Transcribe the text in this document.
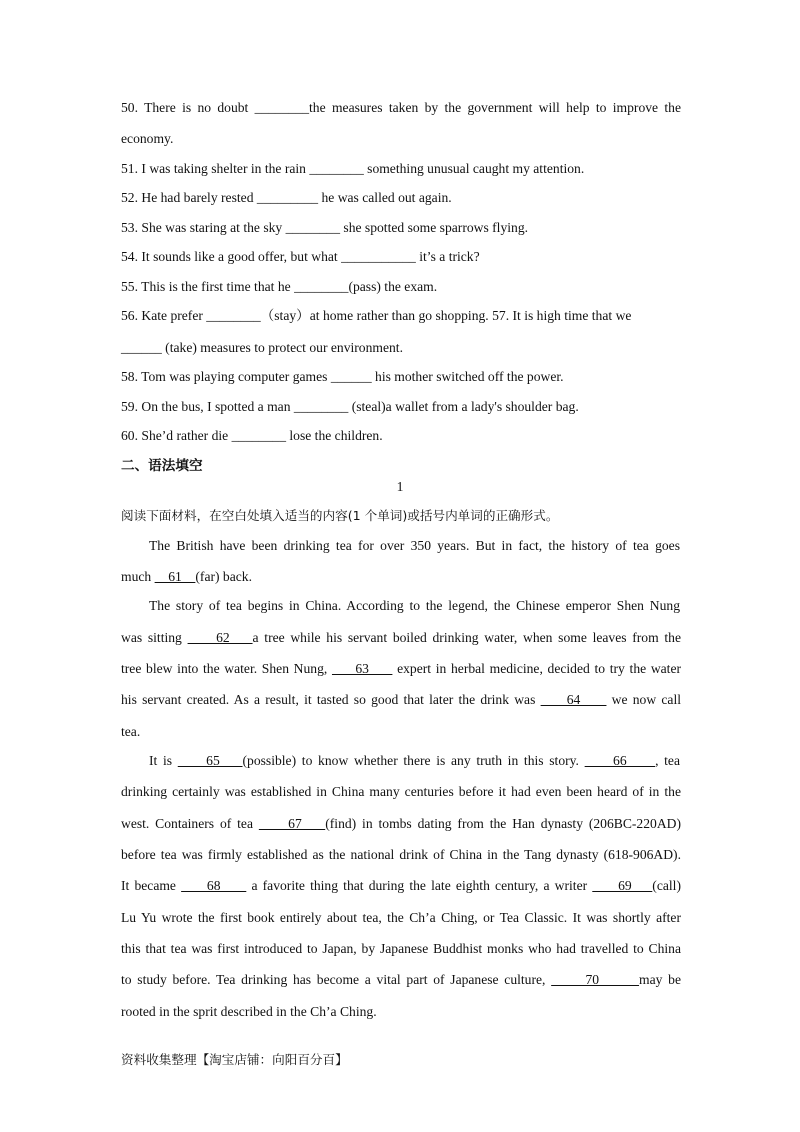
50. There is no doubt ________the measures taken by the government will help to improve the
economy.
51. I was taking shelter in the rain ________ something unusual caught my attention.
52. He had barely rested _________ he was called out again.
53. She was staring at the sky ________ she spotted some sparrows flying.
54. It sounds like a good offer, but what ___________ it’s a trick?
55. This is the first time that he ________(pass) the exam.
56. Kate prefer ________（stay）at home rather than go shopping. 57. It is high time that we
______ (take) measures to protect our environment.
58. Tom was playing computer games ______ his mother switched off the power.
59. On the bus, I spotted a man ________ (steal)a wallet from a lady's shoulder bag.
60. She’d rather die ________ lose the children.
二、语法填空
1
阅读下面材料，在空白处填入适当的内容(1 个单词)或括号内单词的正确形式。
The British have been drinking tea for over 350 years. But in fact, the history of tea goes
much     61    (far) back.
The story of tea begins in China. According to the legend, the Chinese emperor Shen Nung
was sitting      62    a tree while his servant boiled drinking water, when some leaves from the
tree blew into the water. Shen Nung,      63      expert in herbal medicine, decided to try the water
his servant created. As a result, it tasted so good that later the drink was      64      we now call
tea.
It is      65    (possible) to know whether there is any truth in this story.      66     , tea
drinking certainly was established in China many centuries before it had even been heard of in the
west. Containers of tea      67    (find) in tombs dating from the Han dynasty (206BC-220AD)
before tea was firmly established as the national drink of China in the Tang dynasty (618-906AD).
It became      68      a favorite thing that during the late eighth century, a writer      69    (call)
Lu Yu wrote the first book entirely about tea, the Ch’a Ching, or Tea Classic. It was shortly after
this that tea was first introduced to Japan, by Japanese Buddhist monks who had travelled to China
to study before. Tea drinking has become a vital part of Japanese culture,       70       may be
rooted in the sprit described in the Ch’a Ching.
资料收集整理【淘宝店铺：向阳百分百】
